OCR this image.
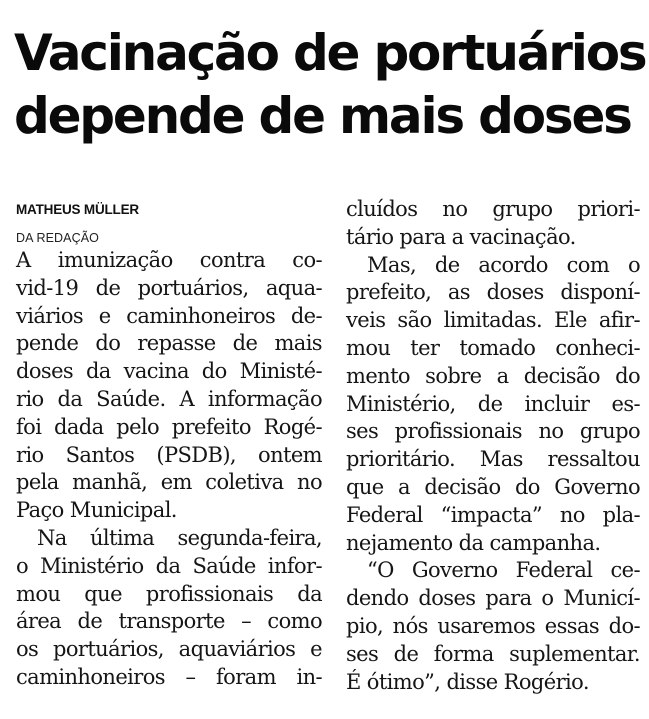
Vacinação de portuários
depende de mais doses
MATHEUS MÜLLER
DA REDAÇÃO
A imunização contra co-
vid-19 de portuários, aqua-
viários e caminhoneiros de-
pende do repasse de mais
doses da vacina do Ministé-
rio da Saúde. A informação
foi dada pelo prefeito Rogé-
rio Santos (PSDB), ontem
pela manhã, em coletiva no
Paço Municipal.
Na última segunda-feira,
o Ministério da Saúde infor-
mou que profissionais da
área de transporte – como
os portuários, aquaviários e
caminhoneiros – foram in-
cluídos no grupo priori-
tário para a vacinação.
Mas, de acordo com o
prefeito, as doses disponí-
veis são limitadas. Ele afir-
mou ter tomado conheci-
mento sobre a decisão do
Ministério, de incluir es-
ses profissionais no grupo
prioritário. Mas ressaltou
que a decisão do Governo
Federal “impacta” no pla-
nejamento da campanha.
“O Governo Federal ce-
dendo doses para o Municí-
pio, nós usaremos essas do-
ses de forma suplementar.
É ótimo”, disse Rogério.
